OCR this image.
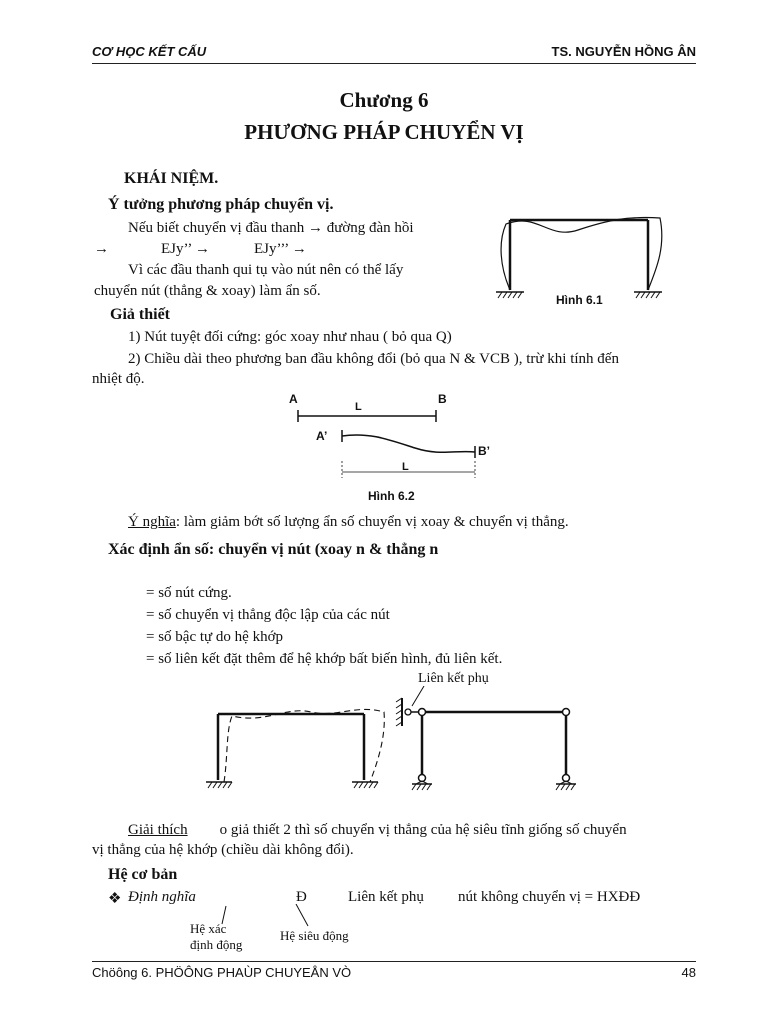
CƠ HỌC KẾT CẤU	TS. NGUYỄN HỒNG ÂN
Chương 6
PHƯƠNG PHÁP CHUYỂN VỊ
KHÁI NIỆM.
Ý tưởng phương pháp chuyển vị.
Nếu biết chuyển vị đầu thanh → đường đàn hồi
→	EJy’’ →	EJy’’’ →
Vì các đầu thanh qui tụ vào nút nên có thể lấy
chuyển nút (thẳng & xoay) làm ẩn số.
Hình 6.1
Giả thiết
1) Nút tuyệt đối cứng: góc xoay như nhau ( bỏ qua Q)
2) Chiều dài theo phương ban đầu không đổi (bỏ qua N & VCB ), trừ khi tính đến
nhiệt độ.
A	B
L
A’
B’
L
Hình 6.2
Ý nghĩa: làm giảm bớt số lượng ẩn số chuyển vị xoay & chuyển vị thẳng.
Xác định ẩn số: chuyển vị nút (xoay n & thẳng n
= số nút cứng.
= số chuyển vị thẳng độc lập của các nút
= số bậc tự do hệ khớp
= số liên kết đặt thêm để hệ khớp bất biến hình, đủ liên kết.
Liên kết phụ
Giải thích o giả thiết 2 thì số chuyển vị thẳng của hệ siêu tĩnh giống số chuyển
vị thẳng của hệ khớp (chiều dài không đổi).
Hệ cơ bản
❖ Định nghĩa	Đ	Liên kết phụ nút không chuyển vị = HXĐĐ
Hệ xác
định động
Hệ siêu động
Chöông 6. PHÖÔNG PHAÙP CHUYEÅN VÒ	48
